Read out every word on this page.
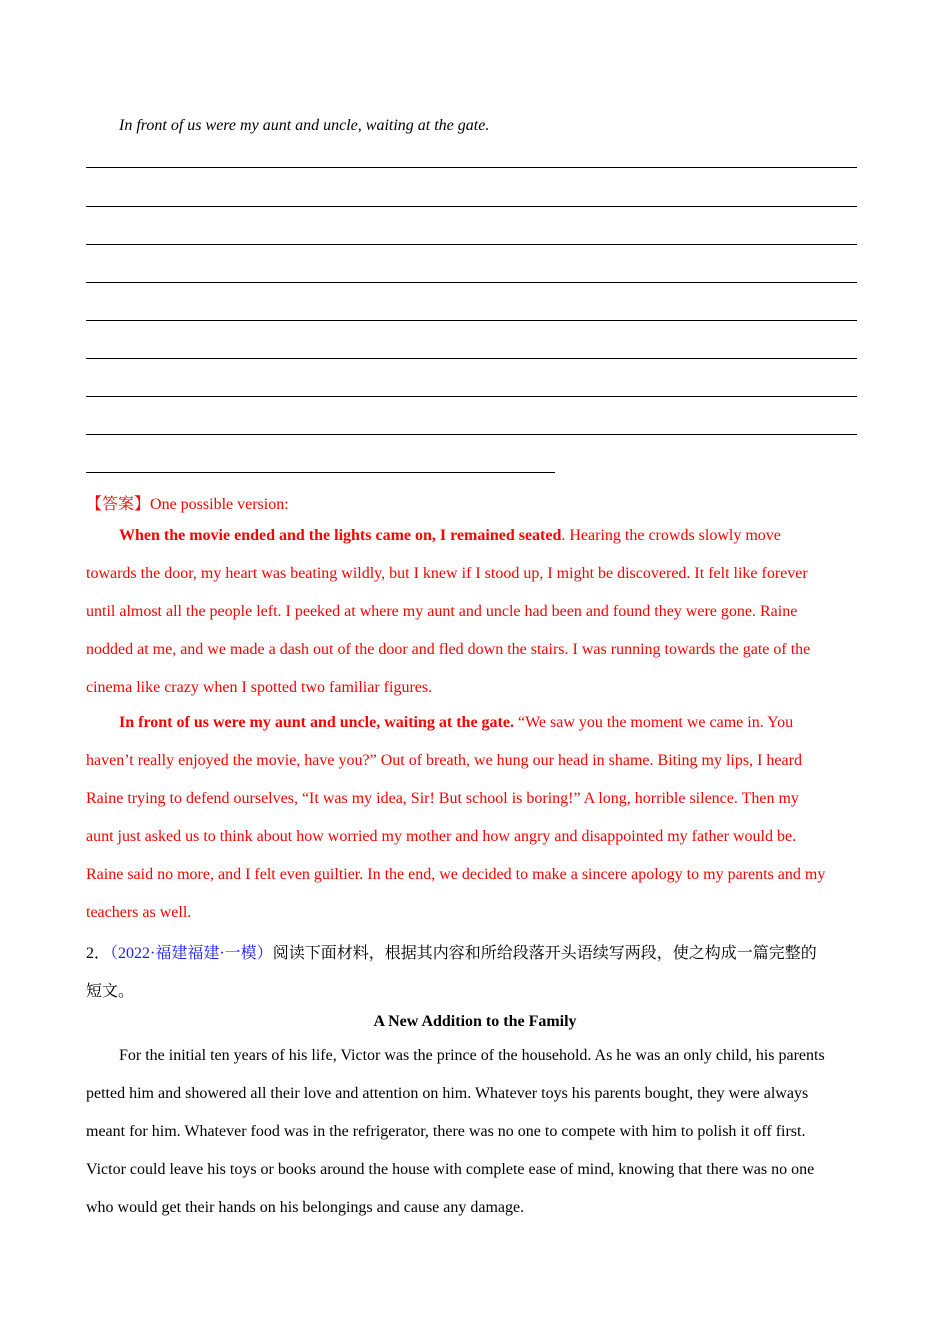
In front of us were my aunt and uncle, waiting at the gate.
【答案】One possible version:
When the movie ended and the lights came on, I remained seated. Hearing the crowds slowly move
towards the door, my heart was beating wildly, but I knew if I stood up, I might be discovered. It felt like forever
until almost all the people left. I peeked at where my aunt and uncle had been and found they were gone. Raine
nodded at me, and we made a dash out of the door and fled down the stairs. I was running towards the gate of the
cinema like crazy when I spotted two familiar figures.
In front of us were my aunt and uncle, waiting at the gate. “We saw you the moment we came in. You
haven’t really enjoyed the movie, have you?” Out of breath, we hung our head in shame. Biting my lips, I heard
Raine trying to defend ourselves, “It was my idea, Sir! But school is boring!” A long, horrible silence. Then my
aunt just asked us to think about how worried my mother and how angry and disappointed my father would be.
Raine said no more, and I felt even guiltier. In the end, we decided to make a sincere apology to my parents and my
teachers as well.
2．（2022·福建福建·一模）阅读下面材料，根据其内容和所给段落开头语续写两段，使之构成一篇完整的
短文。
A New Addition to the Family
For the initial ten years of his life, Victor was the prince of the household. As he was an only child, his parents
petted him and showered all their love and attention on him. Whatever toys his parents bought, they were always
meant for him. Whatever food was in the refrigerator, there was no one to compete with him to polish it off first.
Victor could leave his toys or books around the house with complete ease of mind, knowing that there was no one
who would get their hands on his belongings and cause any damage.
